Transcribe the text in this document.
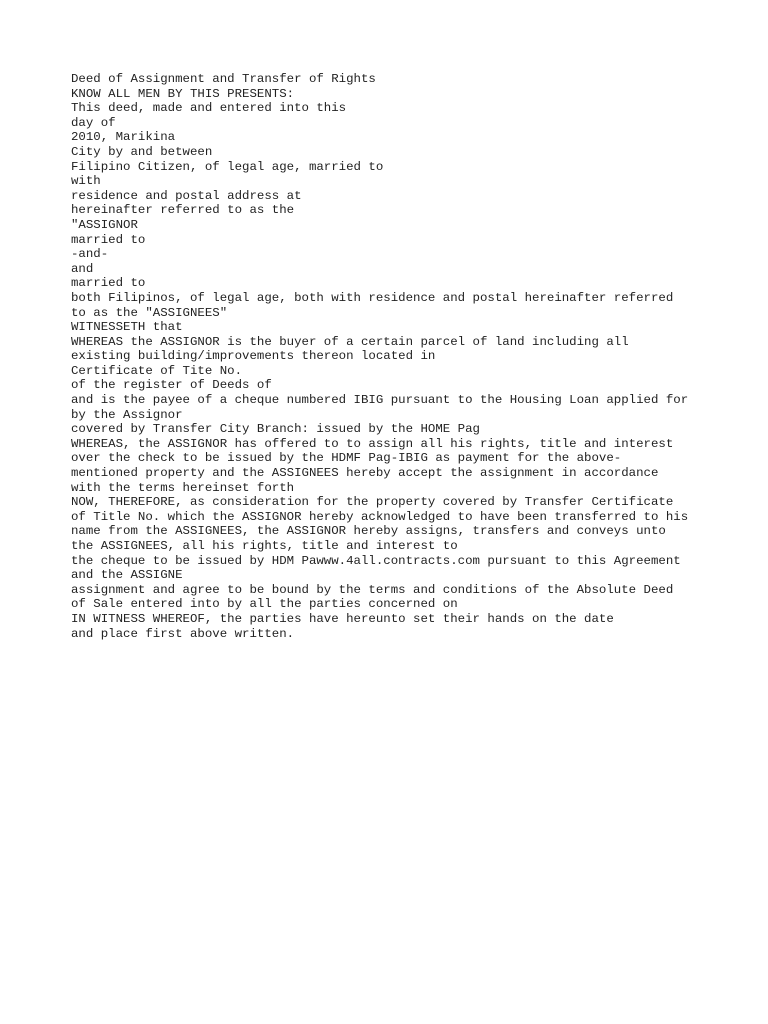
Deed of Assignment and Transfer of Rights
KNOW ALL MEN BY THIS PRESENTS:
This deed, made and entered into this
day of
2010, Marikina
City by and between
Filipino Citizen, of legal age, married to
with
residence and postal address at
hereinafter referred to as the
"ASSIGNOR
married to
-and-
and
married to
both Filipinos, of legal age, both with residence and postal hereinafter referred
to as the "ASSIGNEES"
WITNESSETH that
WHEREAS the ASSIGNOR is the buyer of a certain parcel of land including all
existing building/improvements thereon located in
Certificate of Tite No.
of the register of Deeds of
and is the payee of a cheque numbered IBIG pursuant to the Housing Loan applied for
by the Assignor
covered by Transfer City Branch: issued by the HOME Pag
WHEREAS, the ASSIGNOR has offered to to assign all his rights, title and interest
over the check to be issued by the HDMF Pag-IBIG as payment for the above-
mentioned property and the ASSIGNEES hereby accept the assignment in accordance
with the terms hereinset forth
NOW, THEREFORE, as consideration for the property covered by Transfer Certificate
of Title No. which the ASSIGNOR hereby acknowledged to have been transferred to his
name from the ASSIGNEES, the ASSIGNOR hereby assigns, transfers and conveys unto
the ASSIGNEES, all his rights, title and interest to
the cheque to be issued by HDM Pawww.4all.contracts.com pursuant to this Agreement
and the ASSIGNE
assignment and agree to be bound by the terms and conditions of the Absolute Deed
of Sale entered into by all the parties concerned on
IN WITNESS WHEREOF, the parties have hereunto set their hands on the date
and place first above written.
